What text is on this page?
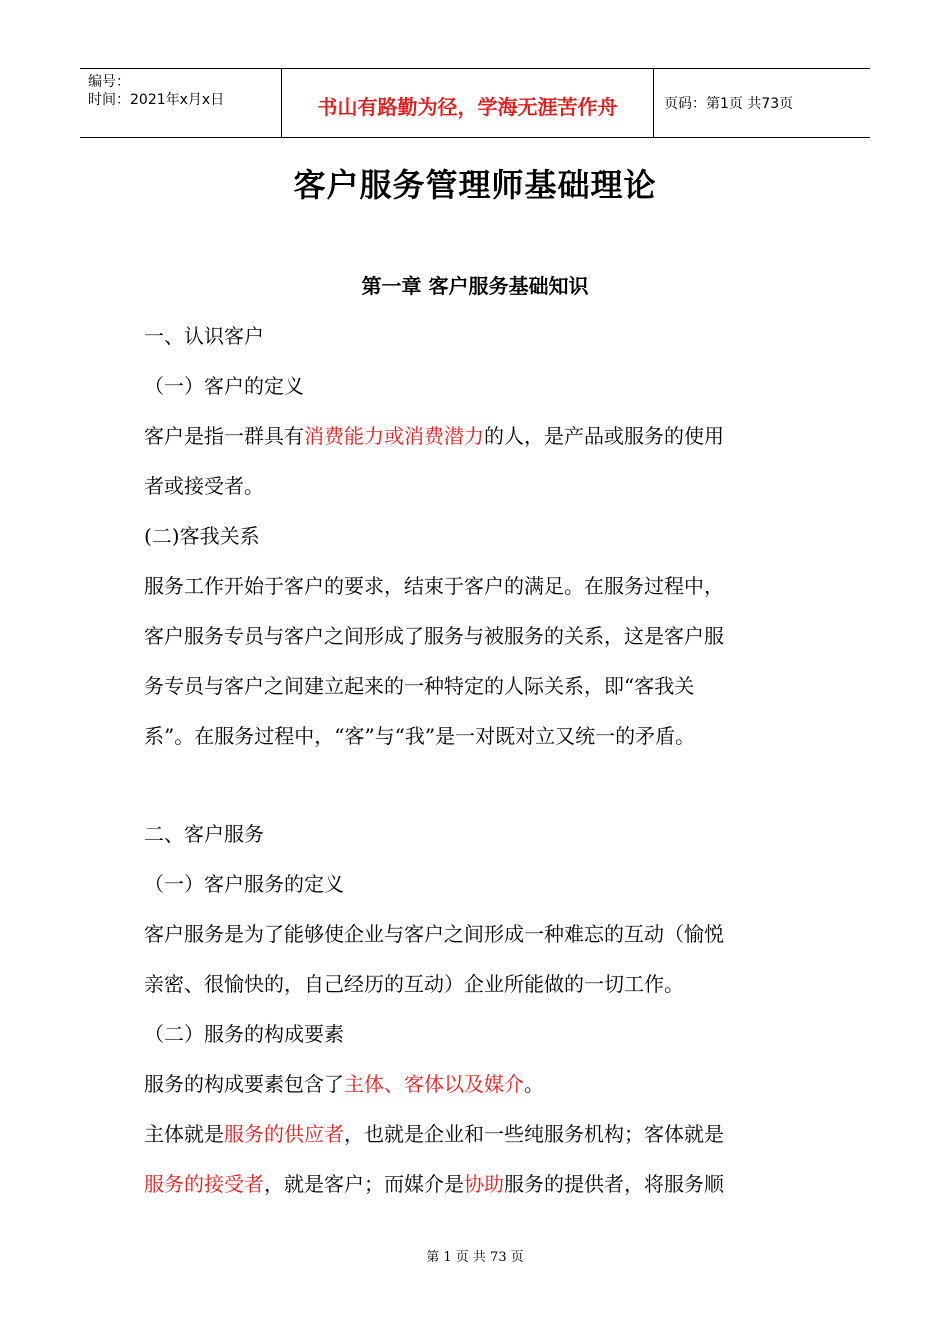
编号：
时间：2021年x月x日	书山有路勤为径，学海无涯苦作舟	页码：第1页 共73页
客户服务管理师基础理论
第一章 客户服务基础知识
一、认识客户
（一）客户的定义
客户是指一群具有消费能力或消费潜力的人，是产品或服务的使用
者或接受者。
(二)客我关系
服务工作开始于客户的要求，结束于客户的满足。在服务过程中，
客户服务专员与客户之间形成了服务与被服务的关系，这是客户服
务专员与客户之间建立起来的一种特定的人际关系，即“客我关
系”。在服务过程中，“客”与“我”是一对既对立又统一的矛盾。
二、客户服务
（一）客户服务的定义
客户服务是为了能够使企业与客户之间形成一种难忘的互动（愉悦
亲密、很愉快的，自己经历的互动）企业所能做的一切工作。
（二）服务的构成要素
服务的构成要素包含了主体、客体以及媒介。
主体就是服务的供应者，也就是企业和一些纯服务机构；客体就是
服务的接受者，就是客户；而媒介是协助服务的提供者，将服务顺
第 1 页 共 73 页
